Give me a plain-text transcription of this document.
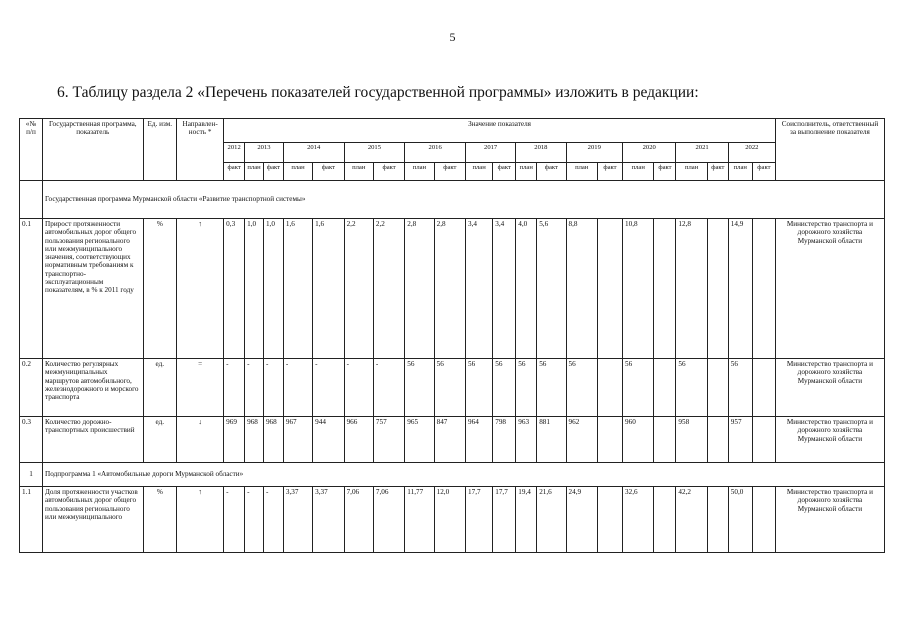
5
6. Таблицу раздела 2 «Перечень показателей государственной программы» изложить в редакции:
«№ п/п	Государственная программа, показатель	Ед. изм.	Направлен-ность *	Значение показателя																					Соисполнитель, ответственный за выполнение показателя
				2012	2013		2014		2015		2016		2017		2018		2019		2020		2021		2022		
				факт	план	факт	план	факт	план	факт	план	факт	план	факт	план	факт	план	факт	план	факт	план	факт	план	факт	
	Государственная программа Мурманской области «Развитие транспортной системы»																								
0.1	Прирост протяженности автомобильных дорог общего пользования регионального или межмуниципального значения, соответствующих нормативным требованиям к транспортно-эксплуатационным показателям, в % к 2011 году	%	↑	0,3	1,0	1,0	1,6	1,6	2,2	2,2	2,8	2,8	3,4	3,4	4,0	5,6	8,8		10,8		12,8		14,9		Министерство транспорта и дорожного хозяйства Мурманской области
0.2	Количество регулярных межмуниципальных маршрутов автомобильного, железнодорожного и морского транспорта	ед.	=	-	-	-	-	-	-	-	56	56	56	56	56	56	56		56		56		56		Министерство транспорта и дорожного хозяйства Мурманской области
0.3	Количество дорожно-транспортных происшествий	ед.	↓	969	968	968	967	944	966	757	965	847	964	798	963	881	962		960		958		957		Министерство транспорта и дорожного хозяйства Мурманской области
1	Подпрограмма 1 «Автомобильные дороги Мурманской области»																								
1.1	Доля протяженности участков автомобильных дорог общего пользования регионального или межмуниципального	%	↑	-	-	-	3,37	3,37	7,06	7,06	11,77	12,0	17,7	17,7	19,4	21,6	24,9		32,6		42,2		50,0		Министерство транспорта и дорожного хозяйства Мурманской области
